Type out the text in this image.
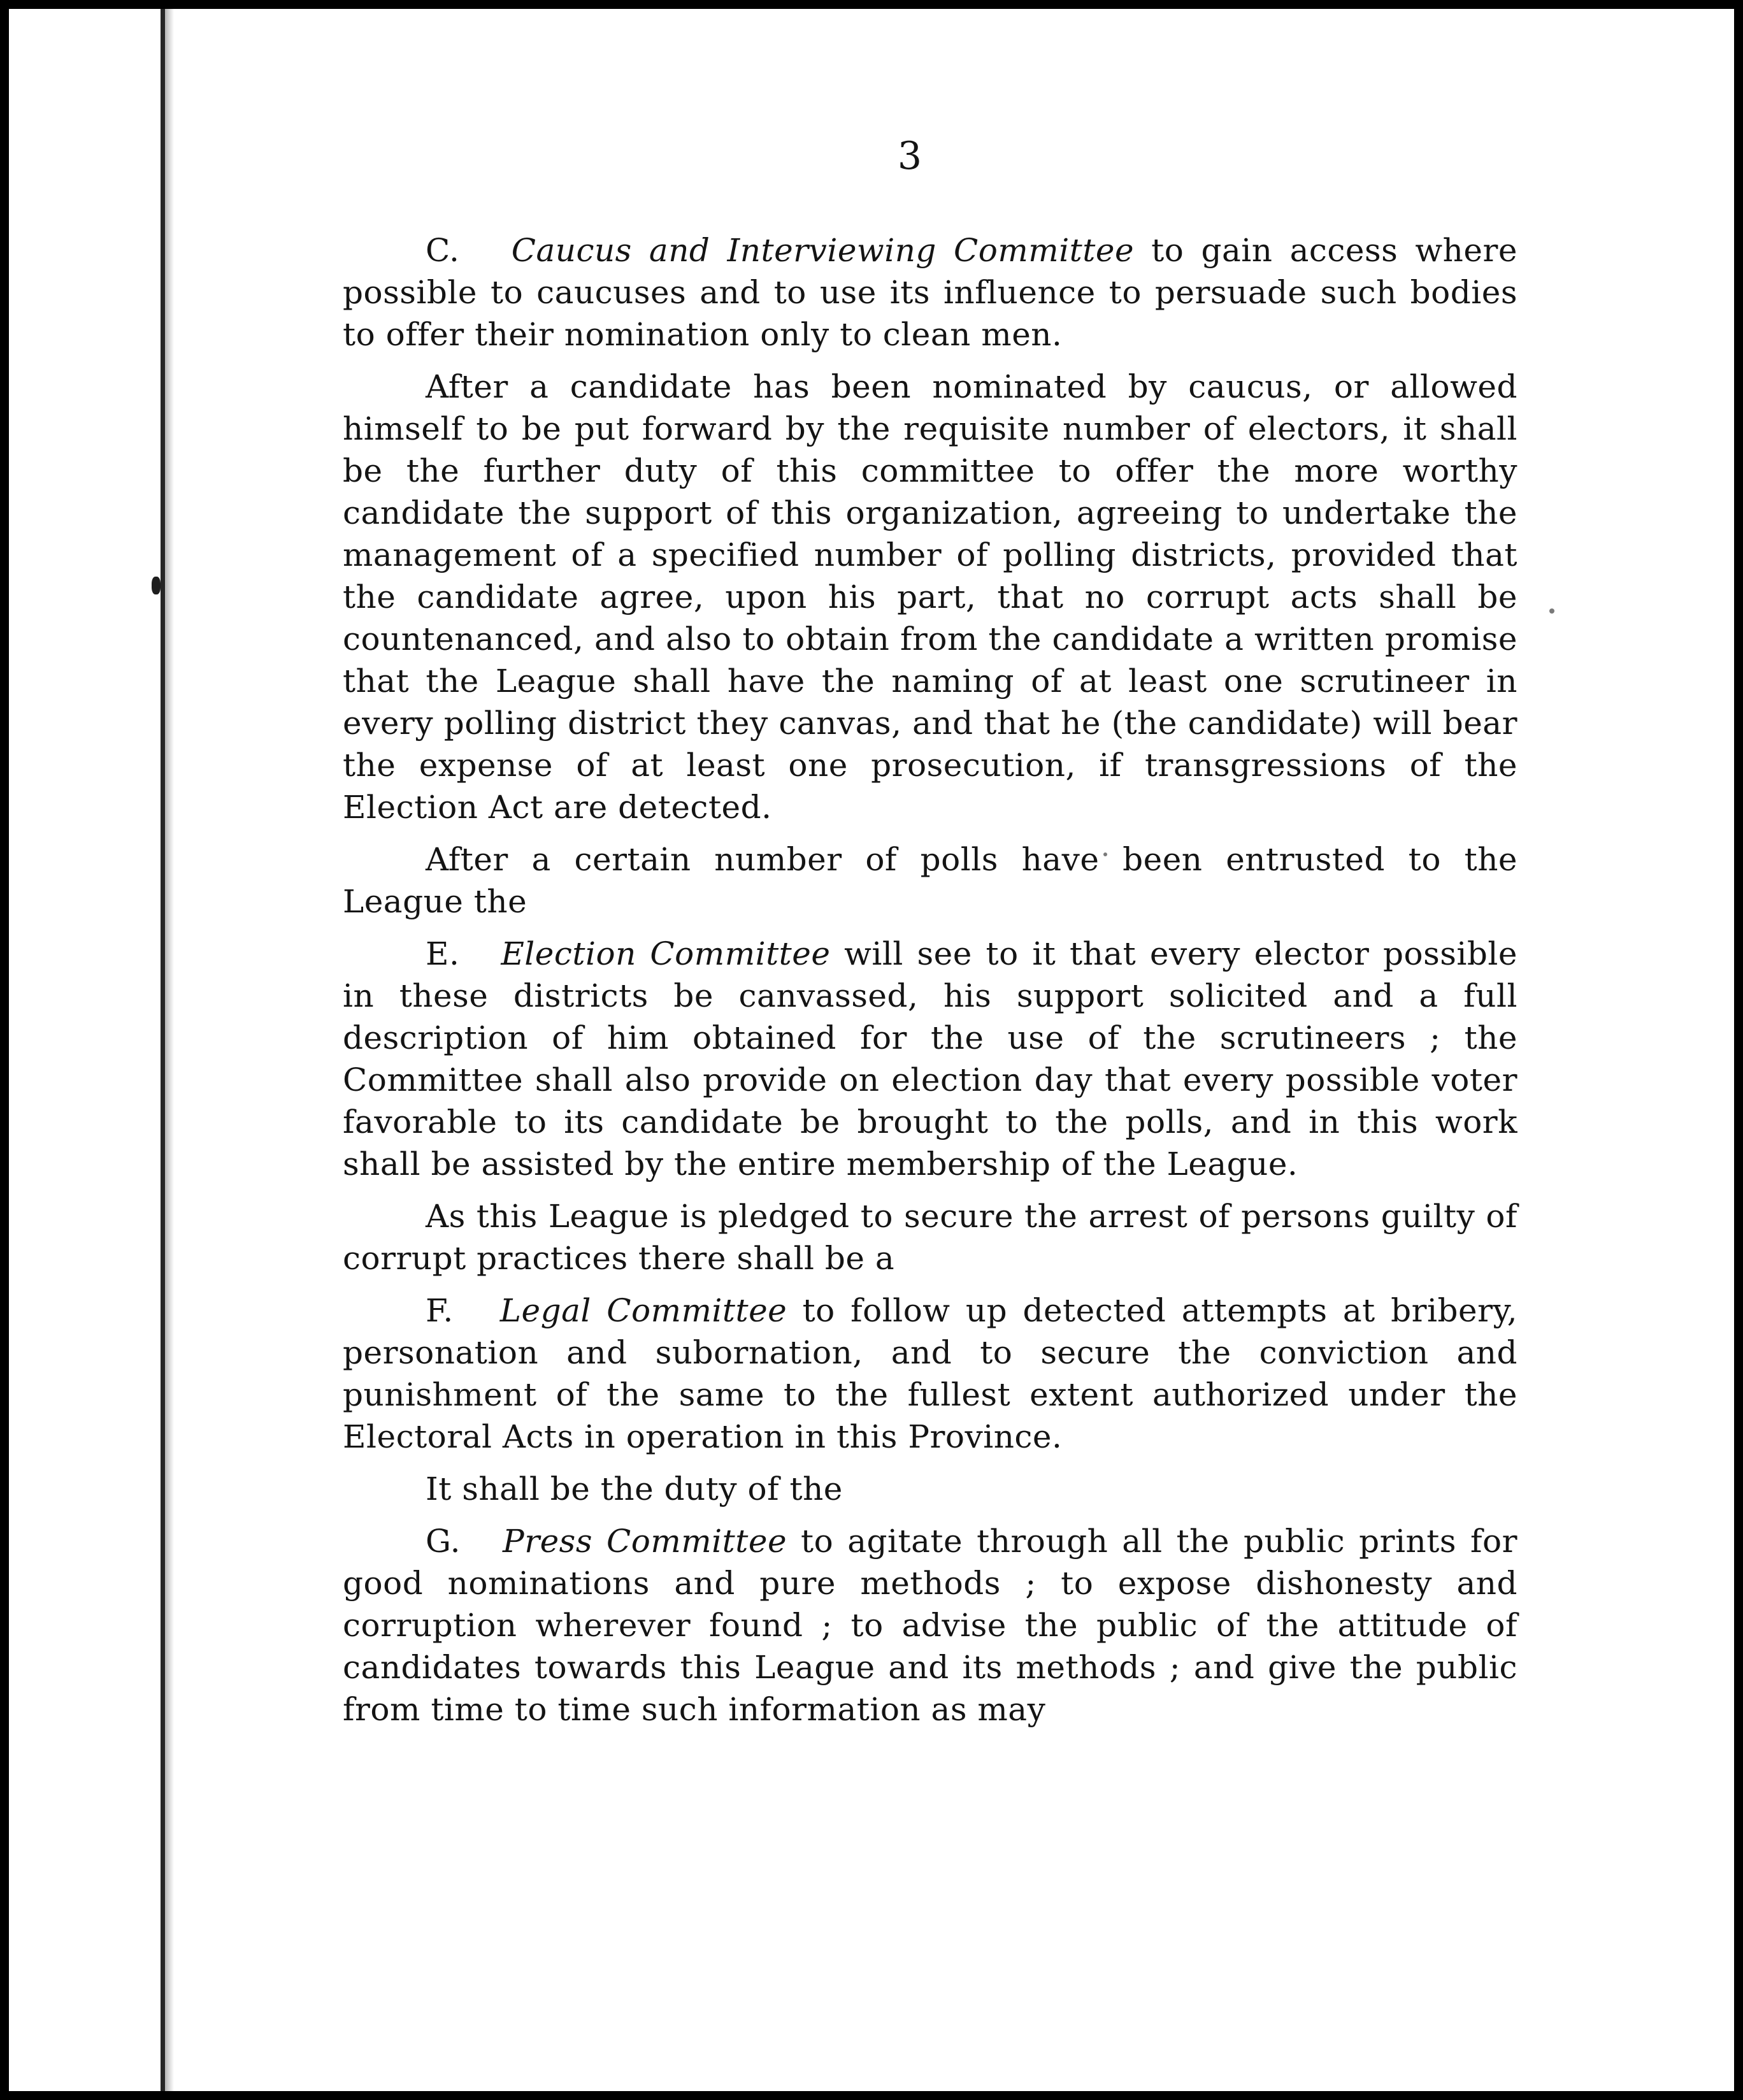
3

C. Caucus and Interviewing Committee to gain access where possible to caucuses and to use its influence to persuade such bodies to offer their nomination only to clean men.

After a candidate has been nominated by caucus, or allowed himself to be put forward by the requisite number of electors, it shall be the further duty of this committee to offer the more worthy candidate the support of this organization, agreeing to undertake the management of a specified number of polling districts, provided that the candidate agree, upon his part, that no corrupt acts shall be countenanced, and also to obtain from the candidate a written promise that the League shall have the naming of at least one scrutineer in every polling district they canvas, and that he (the candidate) will bear the expense of at least one prosecution, if transgressions of the Election Act are detected.

After a certain number of polls have been entrusted to the League the

E. Election Committee will see to it that every elector possible in these districts be canvassed, his support solicited and a full description of him obtained for the use of the scrutineers ; the Committee shall also provide on election day that every possible voter favorable to its candidate be brought to the polls, and in this work shall be assisted by the entire membership of the League.

As this League is pledged to secure the arrest of persons guilty of corrupt practices there shall be a

F. Legal Committee to follow up detected attempts at bribery, personation and subornation, and to secure the conviction and punishment of the same to the fullest extent authorized under the Electoral Acts in operation in this Province.

It shall be the duty of the

G. Press Committee to agitate through all the public prints for good nominations and pure methods ; to expose dishonesty and corruption wherever found ; to advise the public of the attitude of candidates towards this League and its methods ; and give the public from time to time such information as may
